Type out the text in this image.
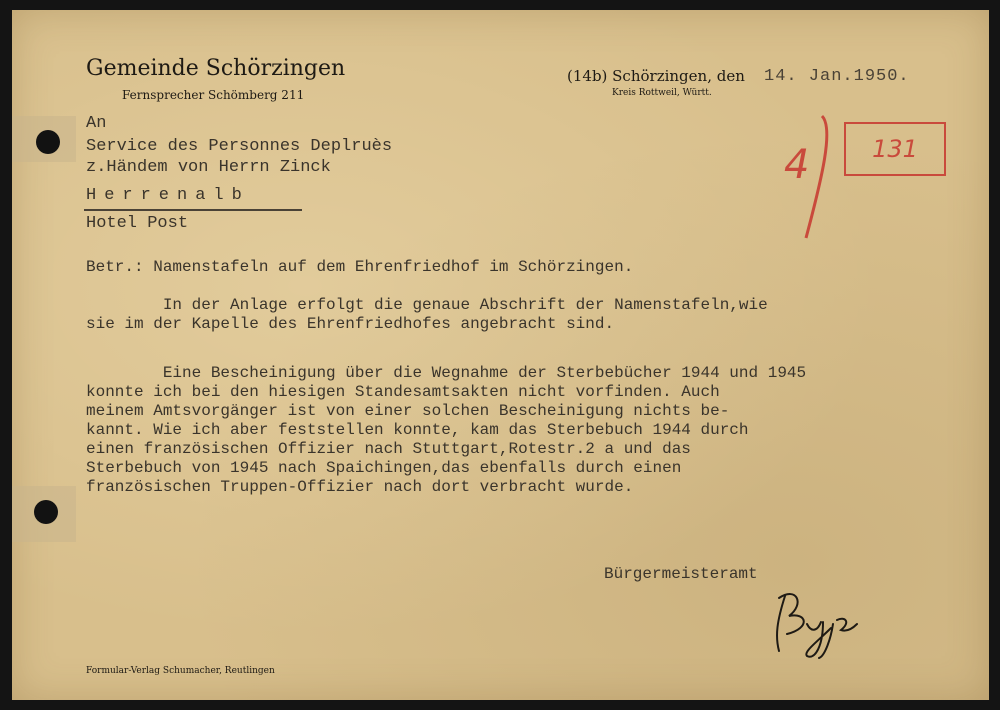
Gemeinde Schörzingen
Fernsprecher Schömberg 211
(14b) Schörzingen, den 14. Jan.1950.
Kreis Rottweil, Württ.
An
Service des Personnes Deplruès
z.Händem von Herrn Zinck
Herrenalb
Hotel Post
4	131
Betr.: Namenstafeln auf dem Ehrenfriedhof im Schörzingen.
In der Anlage erfolgt die genaue Abschrift der Namenstafeln,wie
sie im der Kapelle des Ehrenfriedhofes angebracht sind.
Eine Bescheinigung über die Wegnahme der Sterbebücher 1944 und 1945
konnte ich bei den hiesigen Standesamtsakten nicht vorfinden. Auch
meinem Amtsvorgänger ist von einer solchen Bescheinigung nichts be-
kannt. Wie ich aber feststellen konnte, kam das Sterbebuch 1944 durch
einen französischen Offizier nach Stuttgart,Rotestr.2 a und das
Sterbebuch von 1945 nach Spaichingen,das ebenfalls durch einen
französischen Truppen-Offizier nach dort verbracht wurde.
Bürgermeisteramt
Formular-Verlag Schumacher, Reutlingen
